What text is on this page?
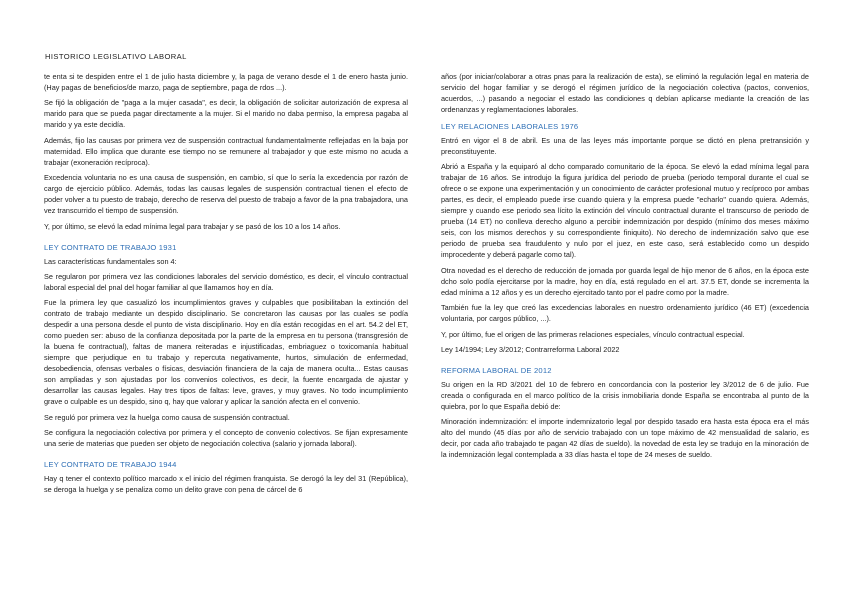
HISTORICO LEGISLATIVO LABORAL

te enta si te despiden entre el 1 de julio hasta diciembre y, la paga de verano desde el 1 de enero hasta junio. (Hay pagas de beneficios/de marzo, paga de septiembre, paga de rdos ...).

Se fijó la obligación de "paga a la mujer casada", es decir, la obligación de solicitar autorización de expresa al marido para que se pueda pagar directamente a la mujer. Si el marido no daba permiso, la empresa pagaba al marido y ya este decidía.

Además, fijo las causas por primera vez de suspensión contractual fundamentalmente reflejadas en la baja por maternidad. Ello implica que durante ese tiempo no se remunere al trabajador y que este mismo no acuda a trabajar (exoneración recíproca).

Excedencia voluntaria no es una causa de suspensión, en cambio, sí que lo sería la excedencia por razón de cargo de ejercicio público. Además, todas las causas legales de suspensión contractual tienen el efecto de poder volver a tu puesto de trabajo, derecho de reserva del puesto de trabajo a favor de la pna trabajadora, una vez transcurrido el tiempo de suspensión.

Y, por último, se elevó la edad mínima legal para trabajar y se pasó de los 10 a los 14 años.

LEY CONTRATO DE TRABAJO 1931

Las características fundamentales son 4:

Se regularon por primera vez las condiciones laborales del servicio doméstico, es decir, el vínculo contractual laboral especial del pnal del hogar familiar al que llamamos hoy en día.

Fue la primera ley que casualizó los incumplimientos graves y culpables que posibilitaban la extinción del contrato de trabajo mediante un despido disciplinario. Se concretaron las causas por las cuales se podía despedir a una persona desde el punto de vista disciplinario. Hoy en día están recogidas en el art. 54.2 del ET, como pueden ser: abuso de la confianza depositada por la parte de la empresa en tu persona (transgresión de la buena fe contractual), faltas de manera reiteradas e injustificadas, embriaguez o toxicomanía habitual siempre que perjudique en tu trabajo y repercuta negativamente, hurtos, simulación de enfermedad, desobediencia, ofensas verbales o físicas, desviación financiera de la caja de manera oculta... Estas causas son ampliadas y son ajustadas por los convenios colectivos, es decir, la fuente encargada de ajustar y desarrollar las causas legales. Hay tres tipos de faltas: leve, graves, y muy graves. No todo incumplimiento grave o culpable es un despido, sino q, hay que valorar y aplicar la sanción afecta en el convenio.

Se reguló por primera vez la huelga como causa de suspensión contractual.

Se configura la negociación colectiva por primera y el concepto de convenio colectivos. Se fijan expresamente una serie de materias que pueden ser objeto de negociación colectiva (salario y jornada laboral).

LEY CONTRATO DE TRABAJO 1944

Hay q tener el contexto político marcado x el inicio del régimen franquista. Se derogó la ley del 31 (República), se deroga la huelga y se penaliza como un delito grave con pena de cárcel de 6

años (por iniciar/colaborar a otras pnas para la realización de esta), se eliminó la regulación legal en materia de servicio del hogar familiar y se derogó el régimen jurídico de la negociación colectiva (pactos, convenios, acuerdos, ...) pasando a negociar el estado las condiciones q debían aplicarse mediante la creación de las ordenanzas y reglamentaciones laborales.

LEY RELACIONES LABORALES 1976

Entró en vigor el 8 de abril. Es una de las leyes más importante porque se dictó en plena pretransición y preconstituyente.

Abrió a España y la equiparó al dcho comparado comunitario de la época. Se elevó la edad mínima legal para trabajar de 16 años. Se introdujo la figura jurídica del periodo de prueba (periodo temporal durante el cual se ofrece o se expone una experimentación y un conocimiento de carácter profesional mutuo y recíproco por ambas partes, es decir, el empleado puede irse cuando quiera y la empresa puede "echarlo" cuando quiera. Además, siempre y cuando ese periodo sea lícito la extinción del vínculo contractual durante el transcurso de periodo de prueba (14 ET) no conlleva derecho alguno a percibir indemnización por despido (mínimo dos meses máximo seis, con los mismos derechos y su correspondiente finiquito). No derecho de indemnización salvo que ese periodo de prueba sea fraudulento y nulo por el juez, en este caso, será establecido como un despido improcedente y deberá pagarle como tal).

Otra novedad es el derecho de reducción de jornada por guarda legal de hijo menor de 6 años, en la época este dcho solo podía ejercitarse por la madre, hoy en día, está regulado en el art. 37.5 ET, donde se incrementa la edad mínima a 12 años y es un derecho ejercitado tanto por el padre como por la madre.

También fue la ley que creó las excedencias laborales en nuestro ordenamiento jurídico (46 ET) (excedencia voluntaria, por cargos público, ...).

Y, por último, fue el origen de las primeras relaciones especiales, vínculo contractual especial.

Ley 14/1994; Ley 3/2012; Contrarreforma Laboral 2022

REFORMA LABORAL DE 2012

Su origen en la RD 3/2021 del 10 de febrero en concordancia con la posterior ley 3/2012 de 6 de julio. Fue creada o configurada en el marco político de la crisis inmobiliaria donde España se encontraba al punto de la quiebra, por lo que España debió de:

Minoración indemnización: el importe indemnizatorio legal por despido tasado era hasta esta época era el más alto del mundo (45 días por año de servicio trabajado con un tope máximo de 42 mensualidad de salario, es decir, por cada año trabajado te pagan 42 días de sueldo). la novedad de esta ley se tradujo en la minoración de la indemnización legal contemplada a 33 días hasta el tope de 24 meses de sueldo.
